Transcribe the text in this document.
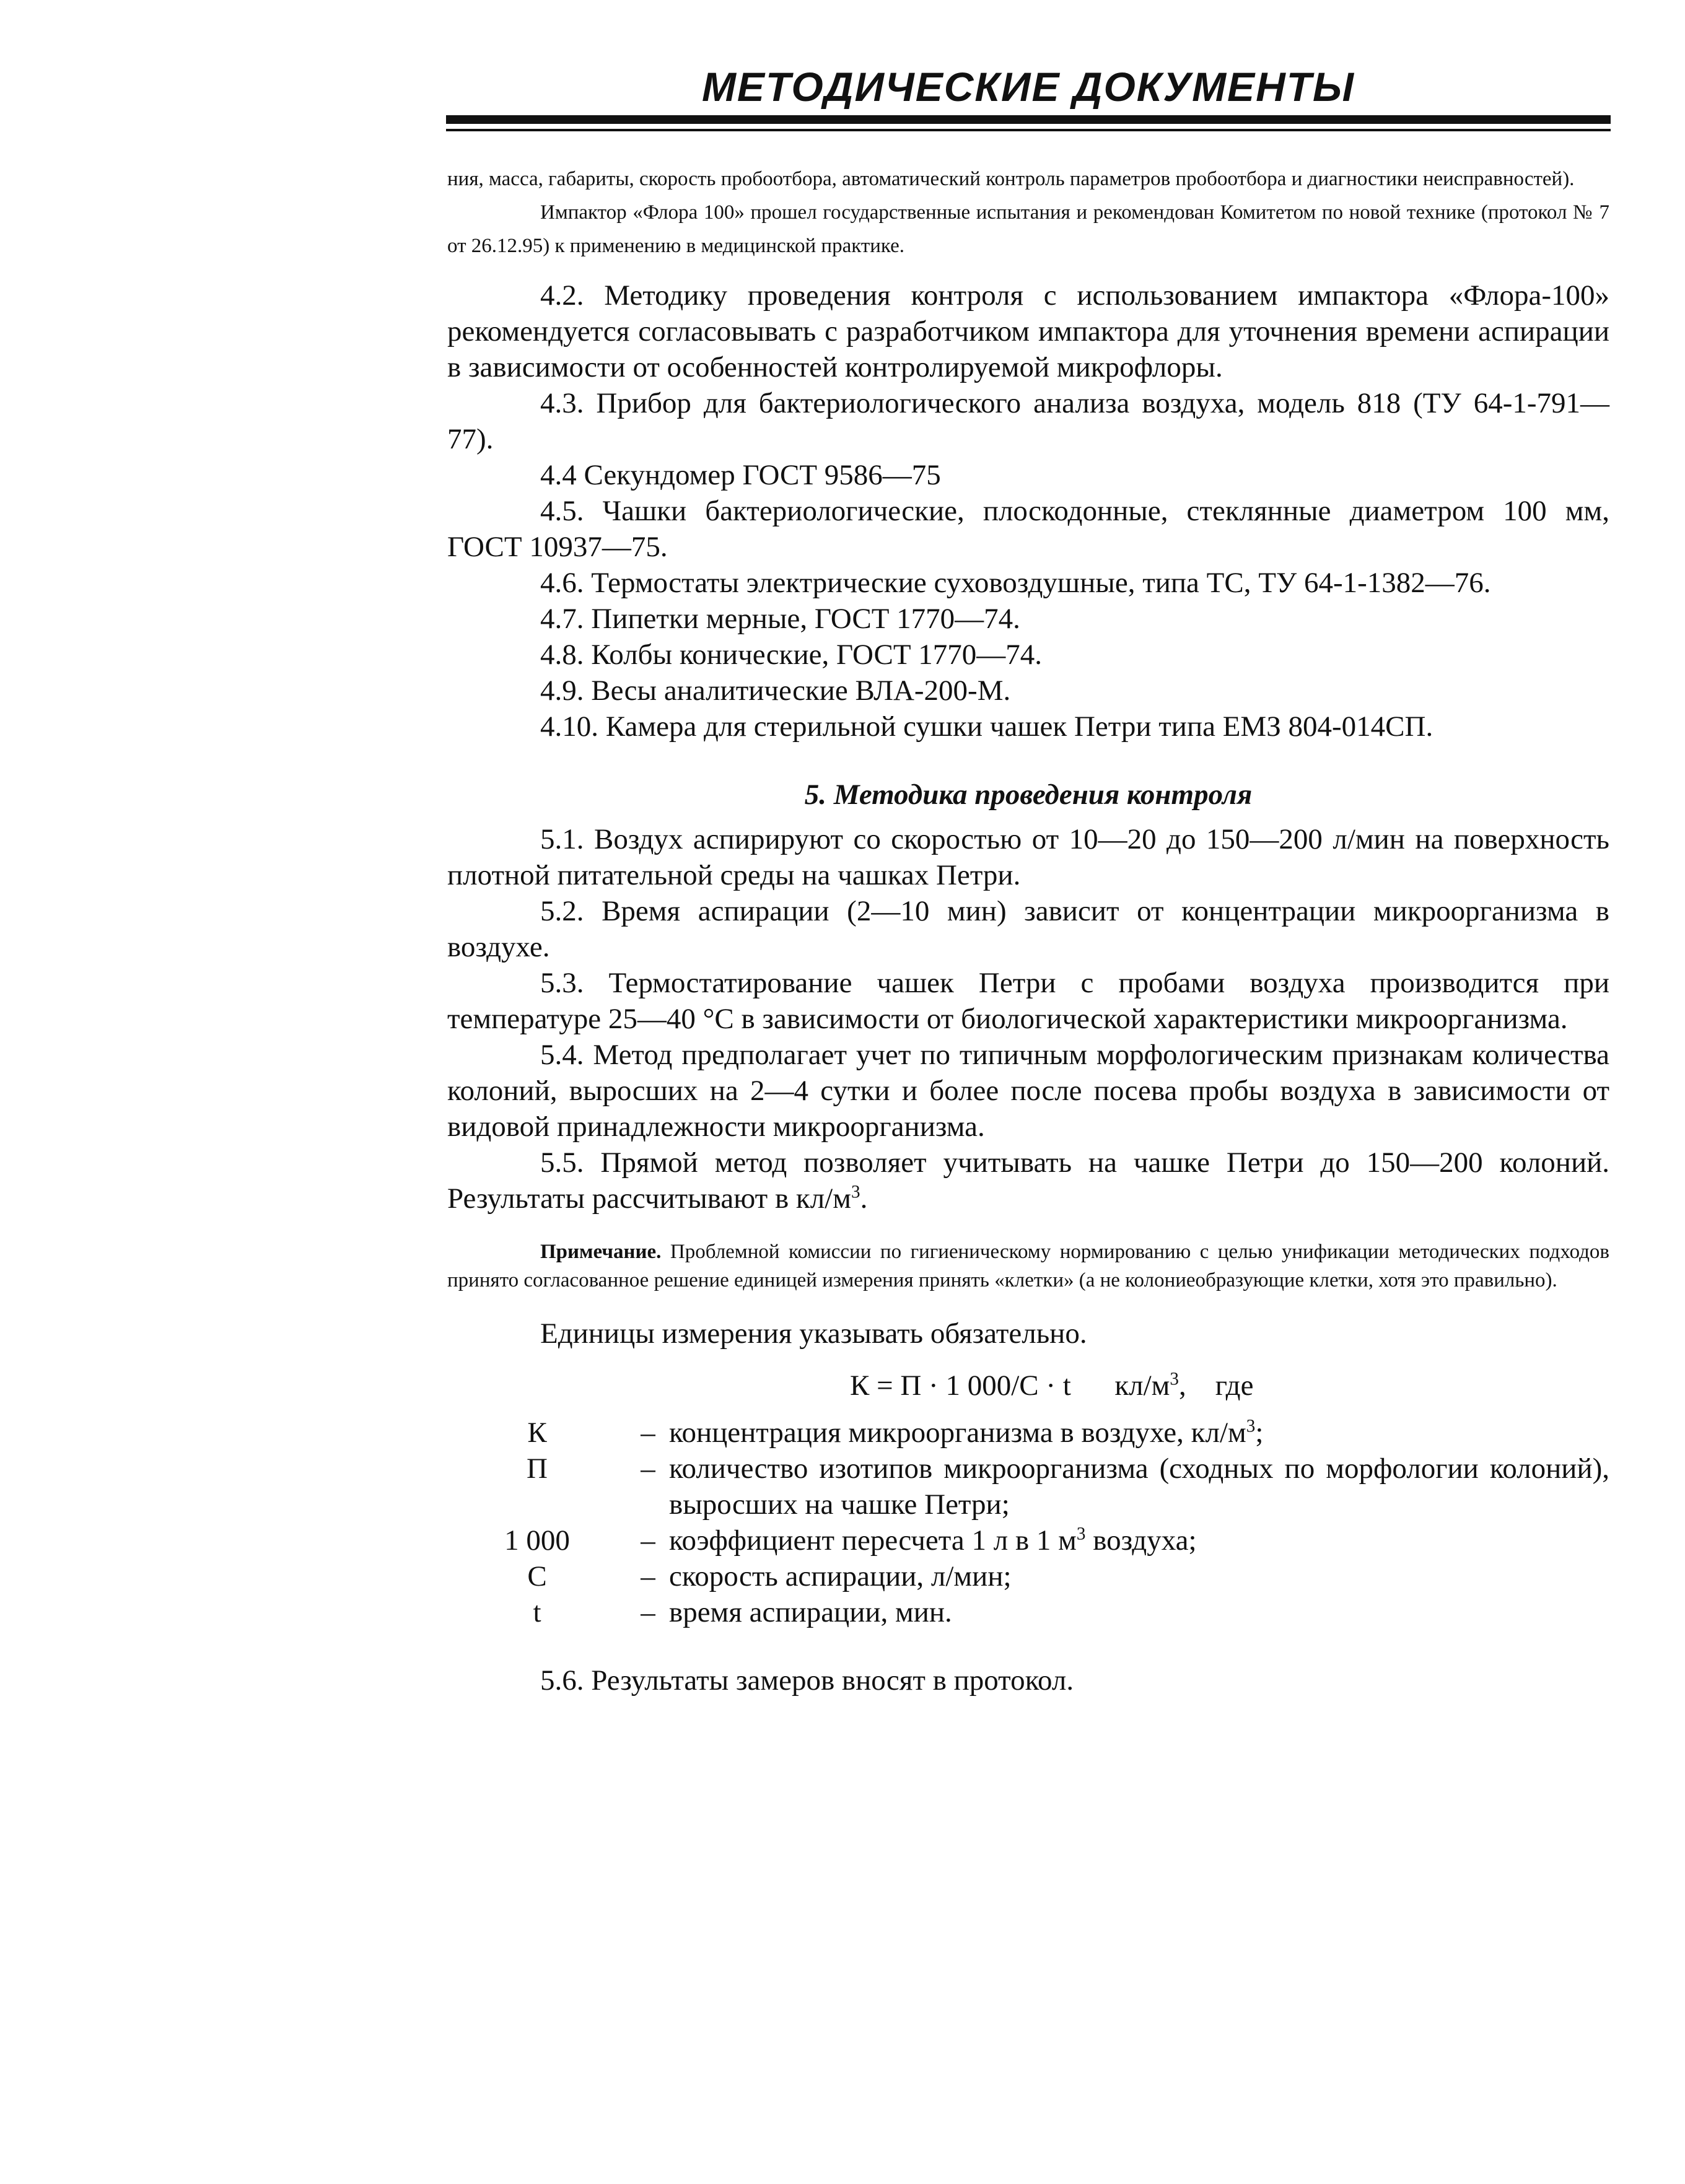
МЕТОДИЧЕСКИЕ ДОКУМЕНТЫ

ния, масса, габариты, скорость пробоотбора, автоматический контроль параметров пробоотбора и диагностики неисправностей).

Импактор «Флора 100» прошел государственные испытания и рекомендован Комитетом по новой технике (протокол № 7 от 26.12.95) к применению в медицинской практике.

4.2. Методику проведения контроля с использованием импактора «Флора-100» рекомендуется согласовывать с разработчиком импактора для уточнения времени аспирации в зависимости от особенностей контролируемой микрофлоры.

4.3. Прибор для бактериологического анализа воздуха, модель 818 (ТУ 64-1-791—77).

4.4 Секундомер ГОСТ 9586—75

4.5. Чашки бактериологические, плоскодонные, стеклянные диаметром 100 мм, ГОСТ 10937—75.

4.6. Термостаты электрические суховоздушные, типа ТС, ТУ 64-1-1382—76.

4.7. Пипетки мерные, ГОСТ 1770—74.

4.8. Колбы конические, ГОСТ 1770—74.

4.9. Весы аналитические ВЛА-200-М.

4.10. Камера для стерильной сушки чашек Петри типа ЕМЗ 804-014СП.

5. Методика проведения контроля

5.1. Воздух аспирируют со скоростью от 10—20 до 150—200 л/мин на поверхность плотной питательной среды на чашках Петри.

5.2. Время аспирации (2—10 мин) зависит от концентрации микроорганизма в воздухе.

5.3. Термостатирование чашек Петри с пробами воздуха производится при температуре 25—40 °С в зависимости от биологической характеристики микроорганизма.

5.4. Метод предполагает учет по типичным морфологическим признакам количества колоний, выросших на 2—4 сутки и более после посева пробы воздуха в зависимости от видовой принадлежности микроорганизма.

5.5. Прямой метод позволяет учитывать на чашке Петри до 150—200 колоний. Результаты рассчитывают в $кл/м^3$.

Примечание. Проблемной комиссии по гигиеническому нормированию с целью унификации методических подходов принято согласованное решение единицей измерения принять «клетки» (а не колониеобразующие клетки, хотя это правильно).
Единицы измерения указывать обязательно.
К = П · 1 000/С · t      $кл/м^3$,    где
К	– концентрация микроорганизма в воздухе, $кл/м^3$;
П	– количество изотипов микроорганизма (сходных по морфологии колоний), выросших на чашке Петри;
1 000	– коэффициент пересчета 1 л в 1 $м^3$ воздуха;
С	– скорость аспирации, л/мин;
t	– время аспирации, мин.
5.6. Результаты замеров вносят в протокол.
